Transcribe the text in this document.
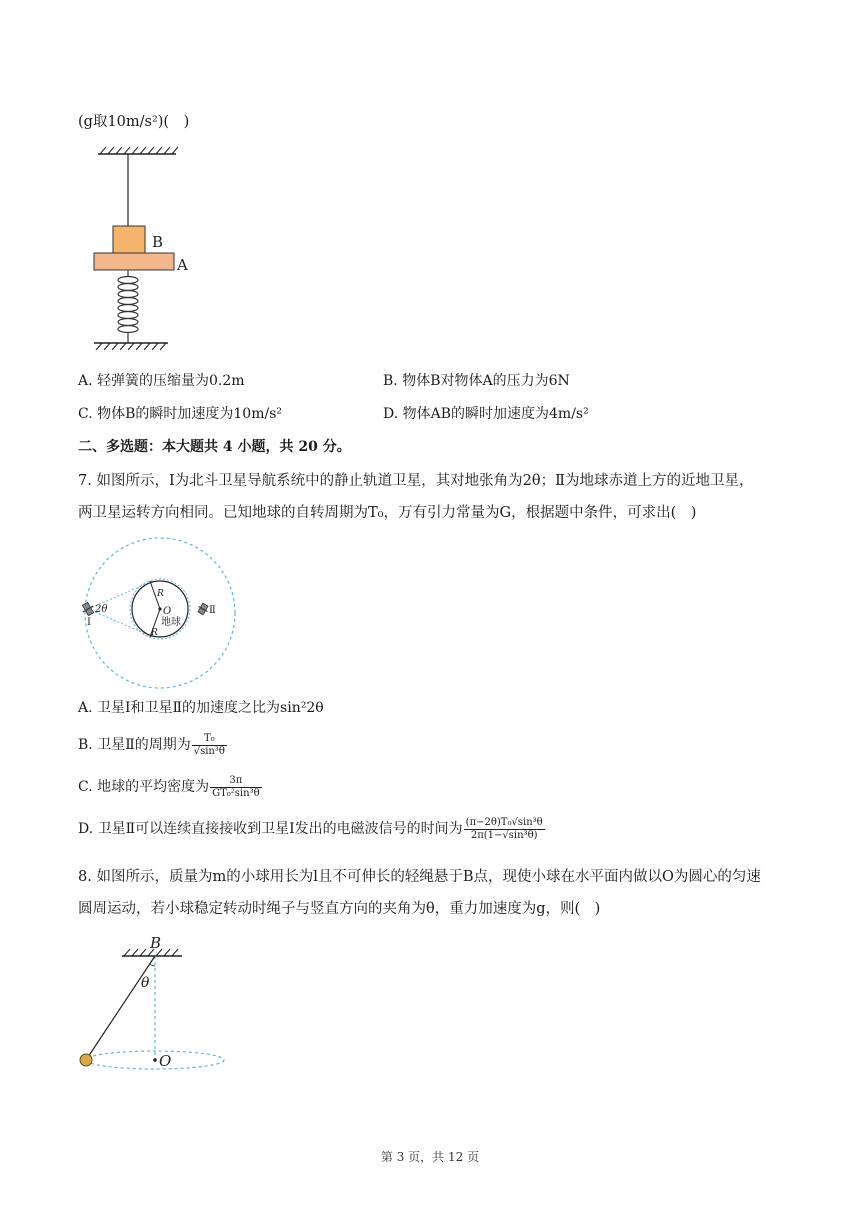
(g取10m/s²)(　)
B
A
A. 轻弹簧的压缩量为0.2m	B. 物体B对物体A的压力为6N
C. 物体B的瞬时加速度为10m/s²	D. 物体AB的瞬时加速度为4m/s²
二、多选题：本大题共 4 小题，共 20 分。
7. 如图所示，Ⅰ为北斗卫星导航系统中的静止轨道卫星，其对地张角为2θ；Ⅱ为地球赤道上方的近地卫星，
两卫星运转方向相同。已知地球的自转周期为T₀，万有引力常量为G，根据题中条件，可求出(　)
2θ
Ⅰ
Ⅱ
O
R
R
地球
A. 卫星Ⅰ和卫星Ⅱ的加速度之比为sin²2θ
B. 卫星Ⅱ的周期为 $\frac{\text{T₀}}{\text{√sin³θ}}$
C. 地球的平均密度为 $\frac{3\pi}{\text{GT₀²sin³θ}}$
D. 卫星Ⅱ可以连续直接接收到卫星Ⅰ发出的电磁波信号的时间为 $\frac{\text{(π−2θ)T₀√sin³θ}}{\text{2π(1−√sin³θ)}}$
8. 如图所示，质量为m的小球用长为l且不可伸长的轻绳悬于B点，现使小球在水平面内做以O为圆心的匀速
圆周运动，若小球稳定转动时绳子与竖直方向的夹角为θ，重力加速度为g，则(　)
B
θ
O
第 3 页，共 12 页
